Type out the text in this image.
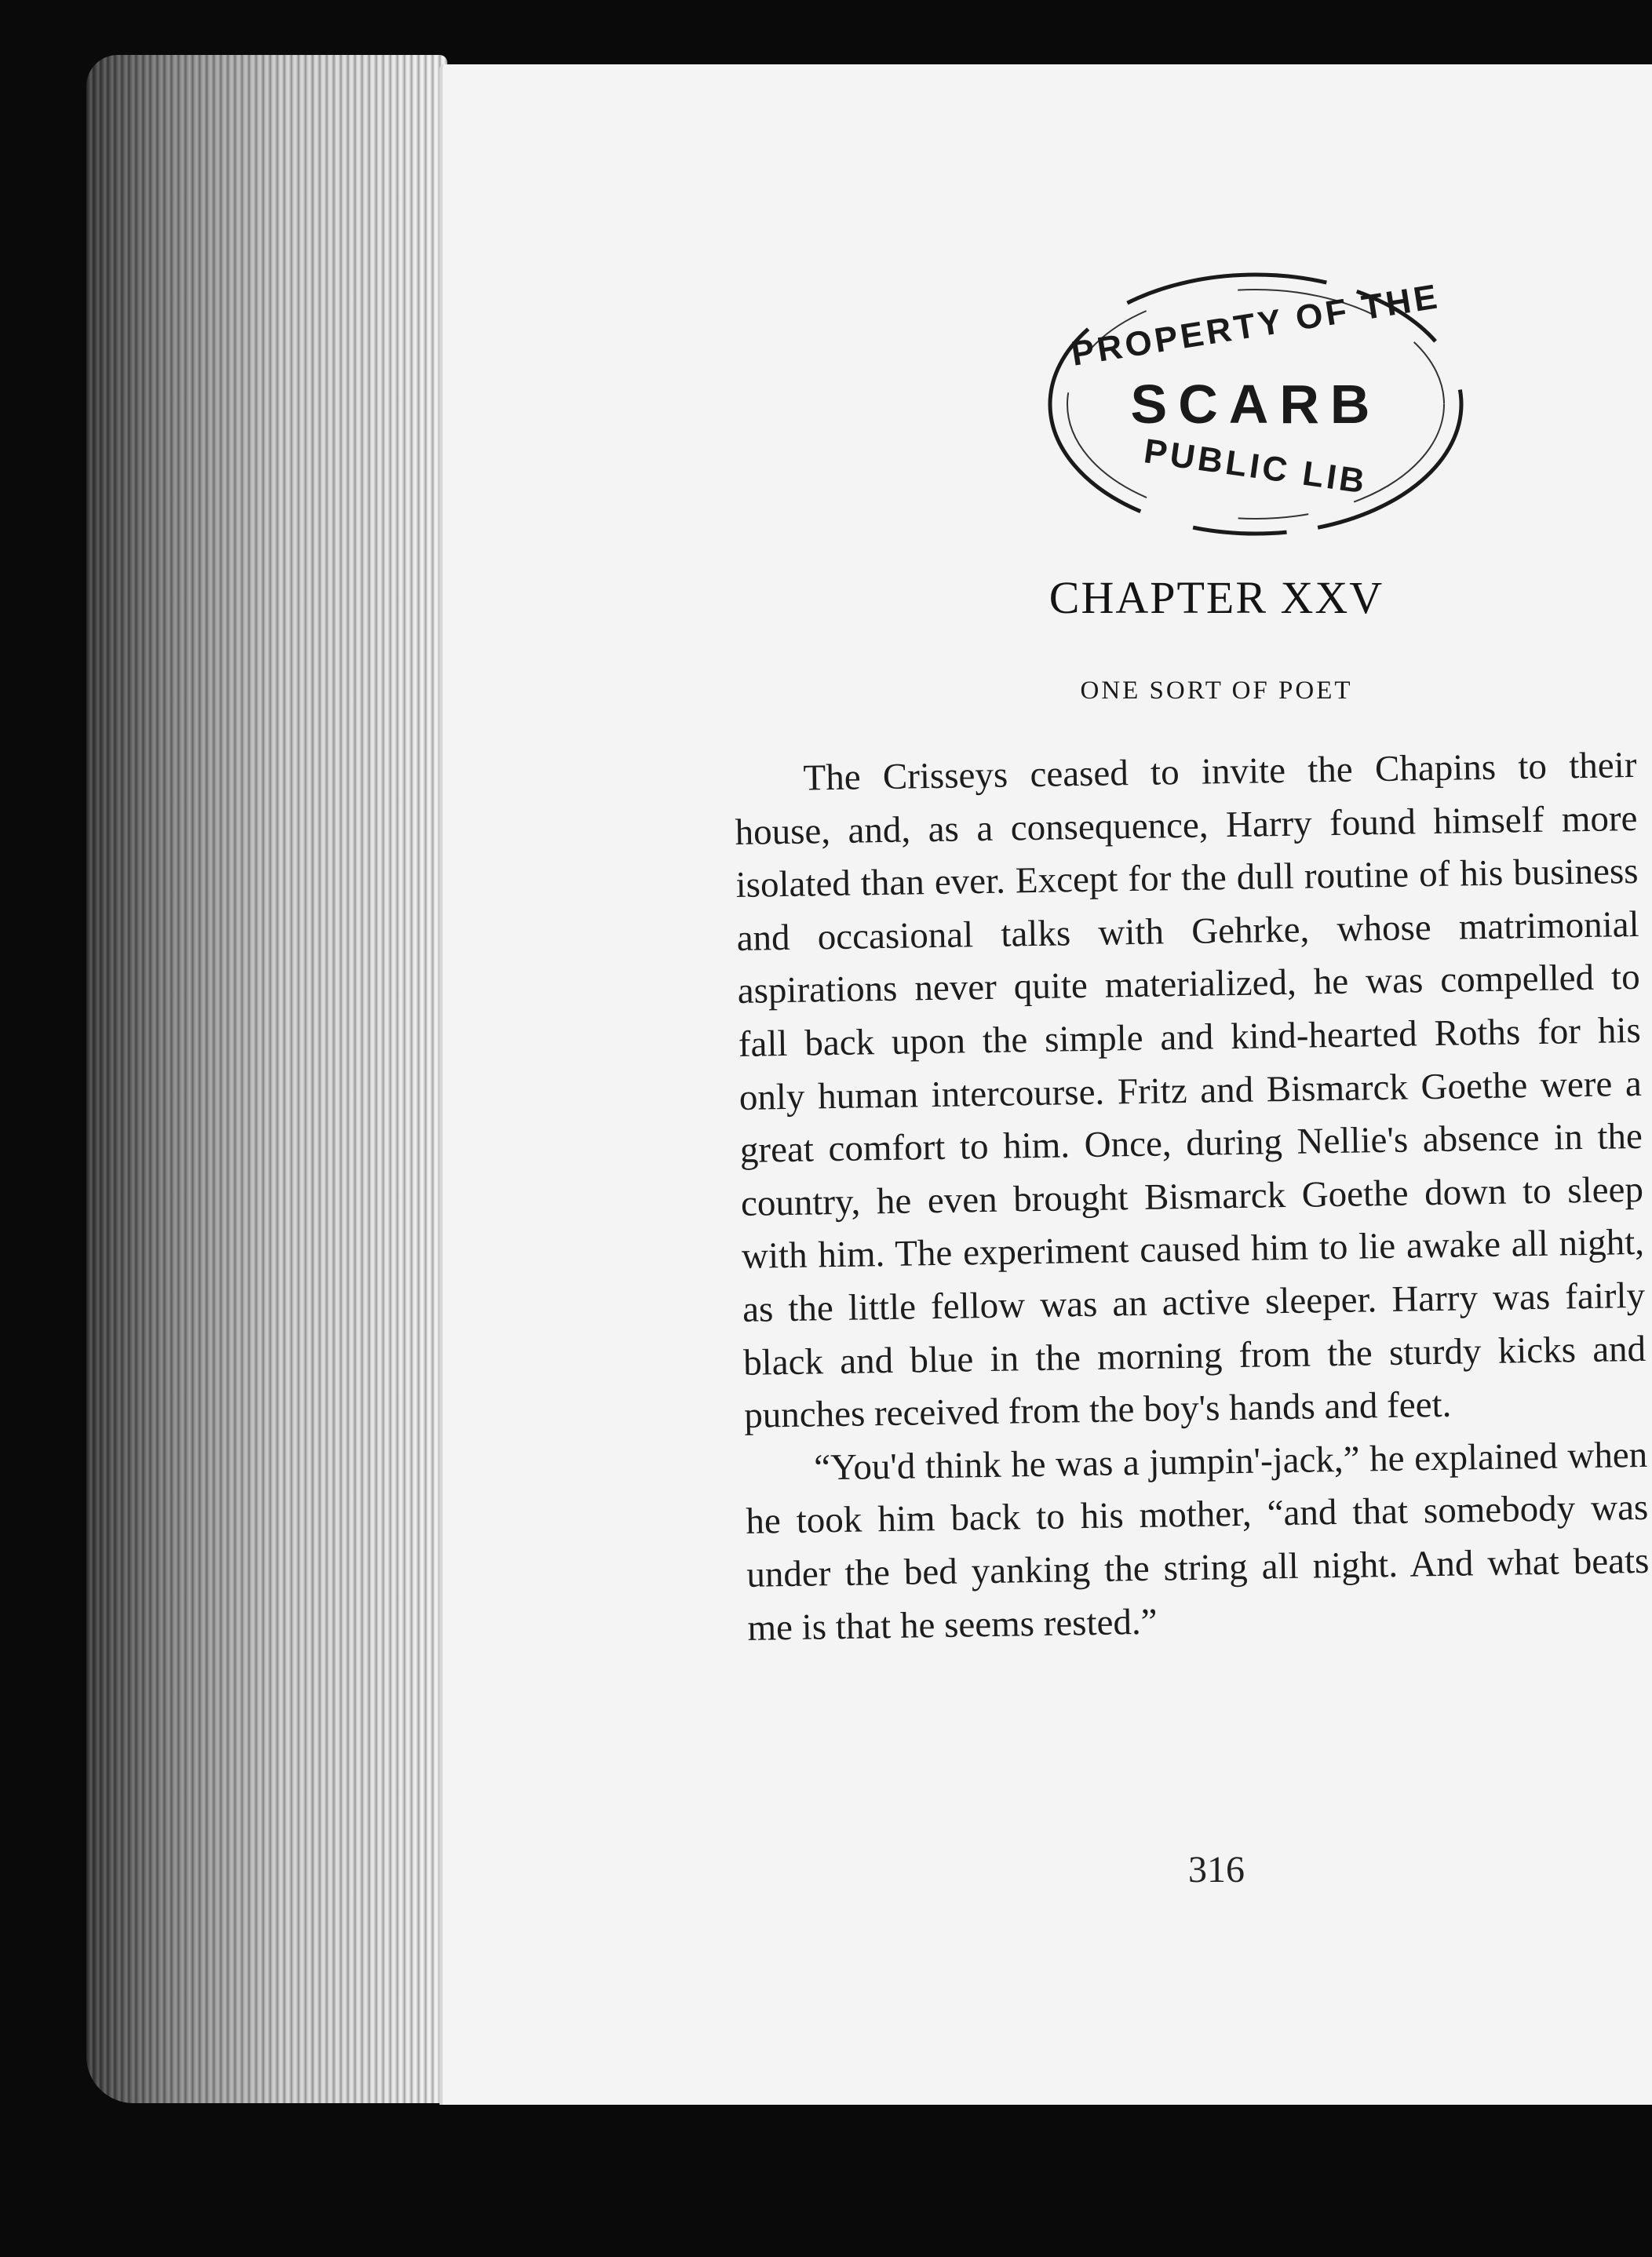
PROPERTY OF THE
SCARB
PUBLIC LIB
CHAPTER XXV
ONE SORT OF POET

The Crisseys ceased to invite the Chapins to their house, and, as a consequence, Harry found himself more isolated than ever. Except for the dull routine of his business and occasional talks with Gehrke, whose matrimonial aspirations never quite materialized, he was compelled to fall back upon the simple and kind-hearted Roths for his only human intercourse. Fritz and Bismarck Goethe were a great comfort to him. Once, during Nellie's absence in the country, he even brought Bismarck Goethe down to sleep with him. The experiment caused him to lie awake all night, as the little fellow was an active sleeper. Harry was fairly black and blue in the morning from the sturdy kicks and punches received from the boy's hands and feet.

“You'd think he was a jumpin'-jack,” he explained when he took him back to his mother, “and that somebody was under the bed yanking the string all night. And what beats me is that he seems rested.”

316
